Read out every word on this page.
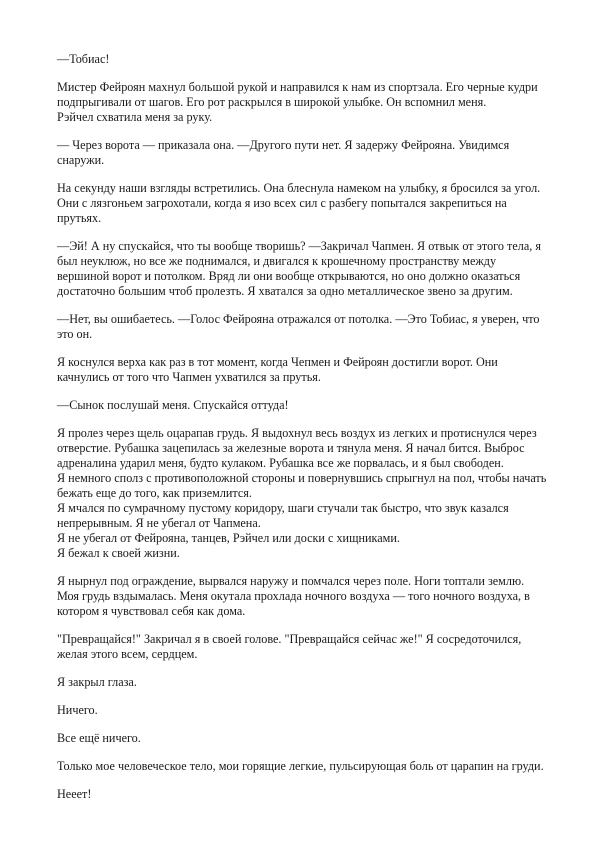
—Тобиас!

Мистер Фейроян махнул большой рукой и направился к нам из спортзала. Его черные кудри
подпрыгивали от шагов. Его рот раскрылся в широкой улыбке. Он вспомнил меня.
Рэйчел схватила меня за руку.

— Через ворота — приказала она. —Другого пути нет. Я задержу Фейрояна. Увидимся
снаружи.

На секунду наши взгляды встретились. Она блеснула намеком на улыбку, я бросился за угол.
Они с лязгоньем загрохотали, когда я изо всех сил с разбегу попытался закрепиться на
прутьях.

—Эй! А ну спускайся, что ты вообще творишь? —Закричал Чапмен. Я отвык от этого тела, я
был неуклюж, но все же поднимался, и двигался к крошечному пространству между
вершиной ворот и потолком. Вряд ли они вообще открываются, но оно должно оказаться
достаточно большим чтоб пролезть. Я хватался за одно металлическое звено за другим.

—Нет, вы ошибаетесь. —Голос Фейрояна отражался от потолка. —Это Тобиас, я уверен, что
это он.

Я коснулся верха как раз в тот момент, когда Чепмен и Фейроян достигли ворот. Они
качнулись от того что Чапмен ухватился за прутья.

—Сынок послушай меня. Спускайся оттуда!

Я пролез через щель оцарапав грудь. Я выдохнул весь воздух из легких и протиснулся через
отверстие. Рубашка зацепилась за железные ворота и тянула меня. Я начал бится. Выброс
адреналина ударил меня, будто кулаком. Рубашка все же порвалась, и я был свободен.
Я немного сполз с противоположной стороны и повернувшись спрыгнул на пол, чтобы начать
бежать еще до того, как приземлится.
Я мчался по сумрачному пустому коридору, шаги стучали так быстро, что звук казался
непрерывным. Я не убегал от Чапмена.
Я не убегал от Фейрояна, танцев, Рэйчел или доски с хищниками.
Я бежал к своей жизни.

Я нырнул под ограждение, вырвался наружу и помчался через поле. Ноги топтали землю.
Моя грудь вздымалась. Меня окутала прохлада ночного воздуха — того ночного воздуха, в
котором я чувствовал себя как дома.

"Превращайся!" Закричал я в своей голове. "Превращайся сейчас же!" Я сосредоточился,
желая этого всем, сердцем.

Я закрыл глаза.

Ничего.

Все ещё ничего.

Только мое человеческое тело, мои горящие легкие, пульсирующая боль от царапин на груди.

Нееет!
